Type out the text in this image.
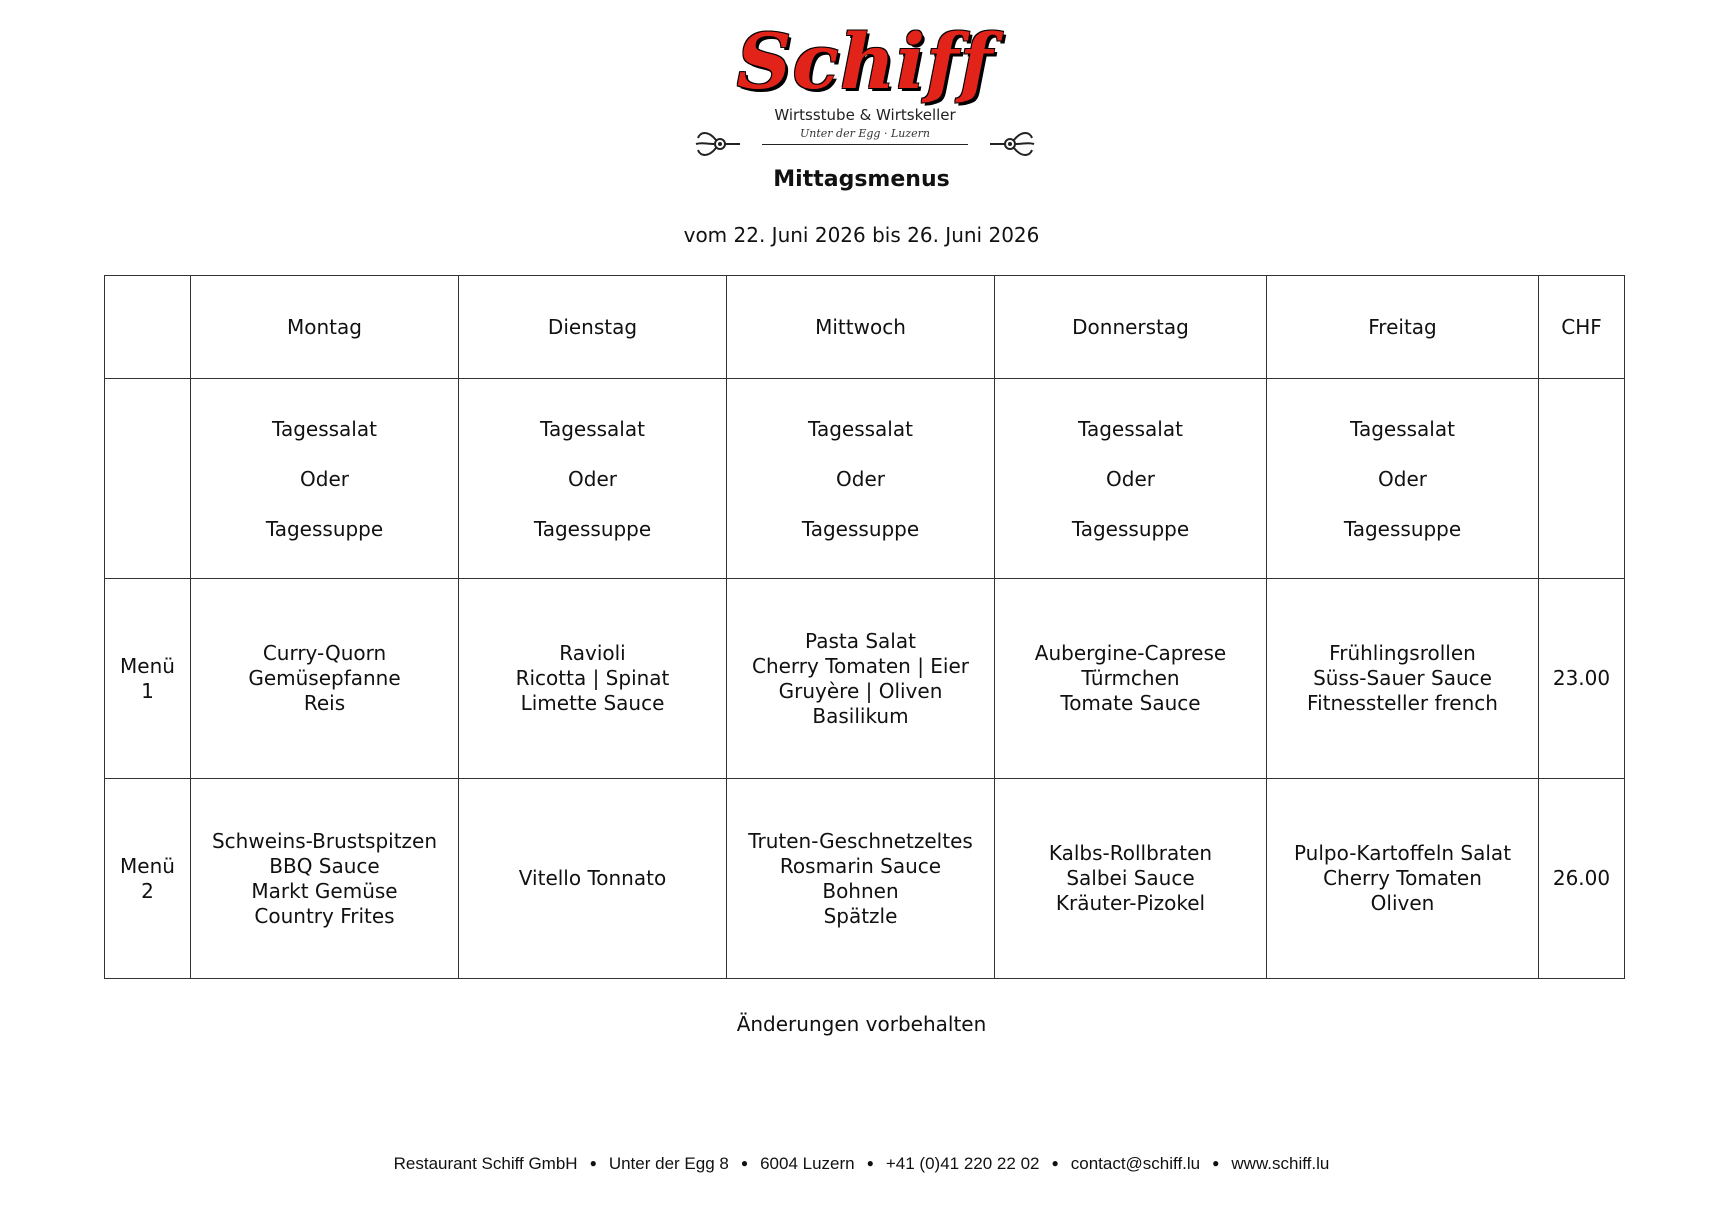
Schiff
Wirtsstube & Wirtskeller
Unter der Egg · Luzern
Mittagsmenus
vom 22. Juni 2026 bis 26. Juni 2026
	Montag	Dienstag	Mittwoch	Donnerstag	Freitag	CHF

	Tagessalat
Oder
Tagessuppe	Tagessalat
Oder
Tagessuppe	Tagessalat
Oder
Tagessuppe	Tagessalat
Oder
Tagessuppe	Tagessalat
Oder
Tagessuppe	

Menü
1	Curry-Quorn
Gemüsepfanne
Reis	Ravioli
Ricotta | Spinat
Limette Sauce	Pasta Salat
Cherry Tomaten | Eier
Gruyère | Oliven
Basilikum	Aubergine-Caprese
Türmchen
Tomate Sauce	Frühlingsrollen
Süss-Sauer Sauce
Fitnessteller french	23.00

Menü
2	Schweins-Brustspitzen
BBQ Sauce
Markt Gemüse
Country Frites	Vitello Tonnato	Truten-Geschnetzeltes
Rosmarin Sauce
Bohnen
Spätzle	Kalbs-Rollbraten
Salbei Sauce
Kräuter-Pizokel	Pulpo-Kartoffeln Salat
Cherry Tomaten
Oliven	26.00
Änderungen vorbehalten
Restaurant Schiff GmbH ● Unter der Egg 8 ● 6004 Luzern ● +41 (0)41 220 22 02 ● contact@schiff.lu ● www.schiff.lu
